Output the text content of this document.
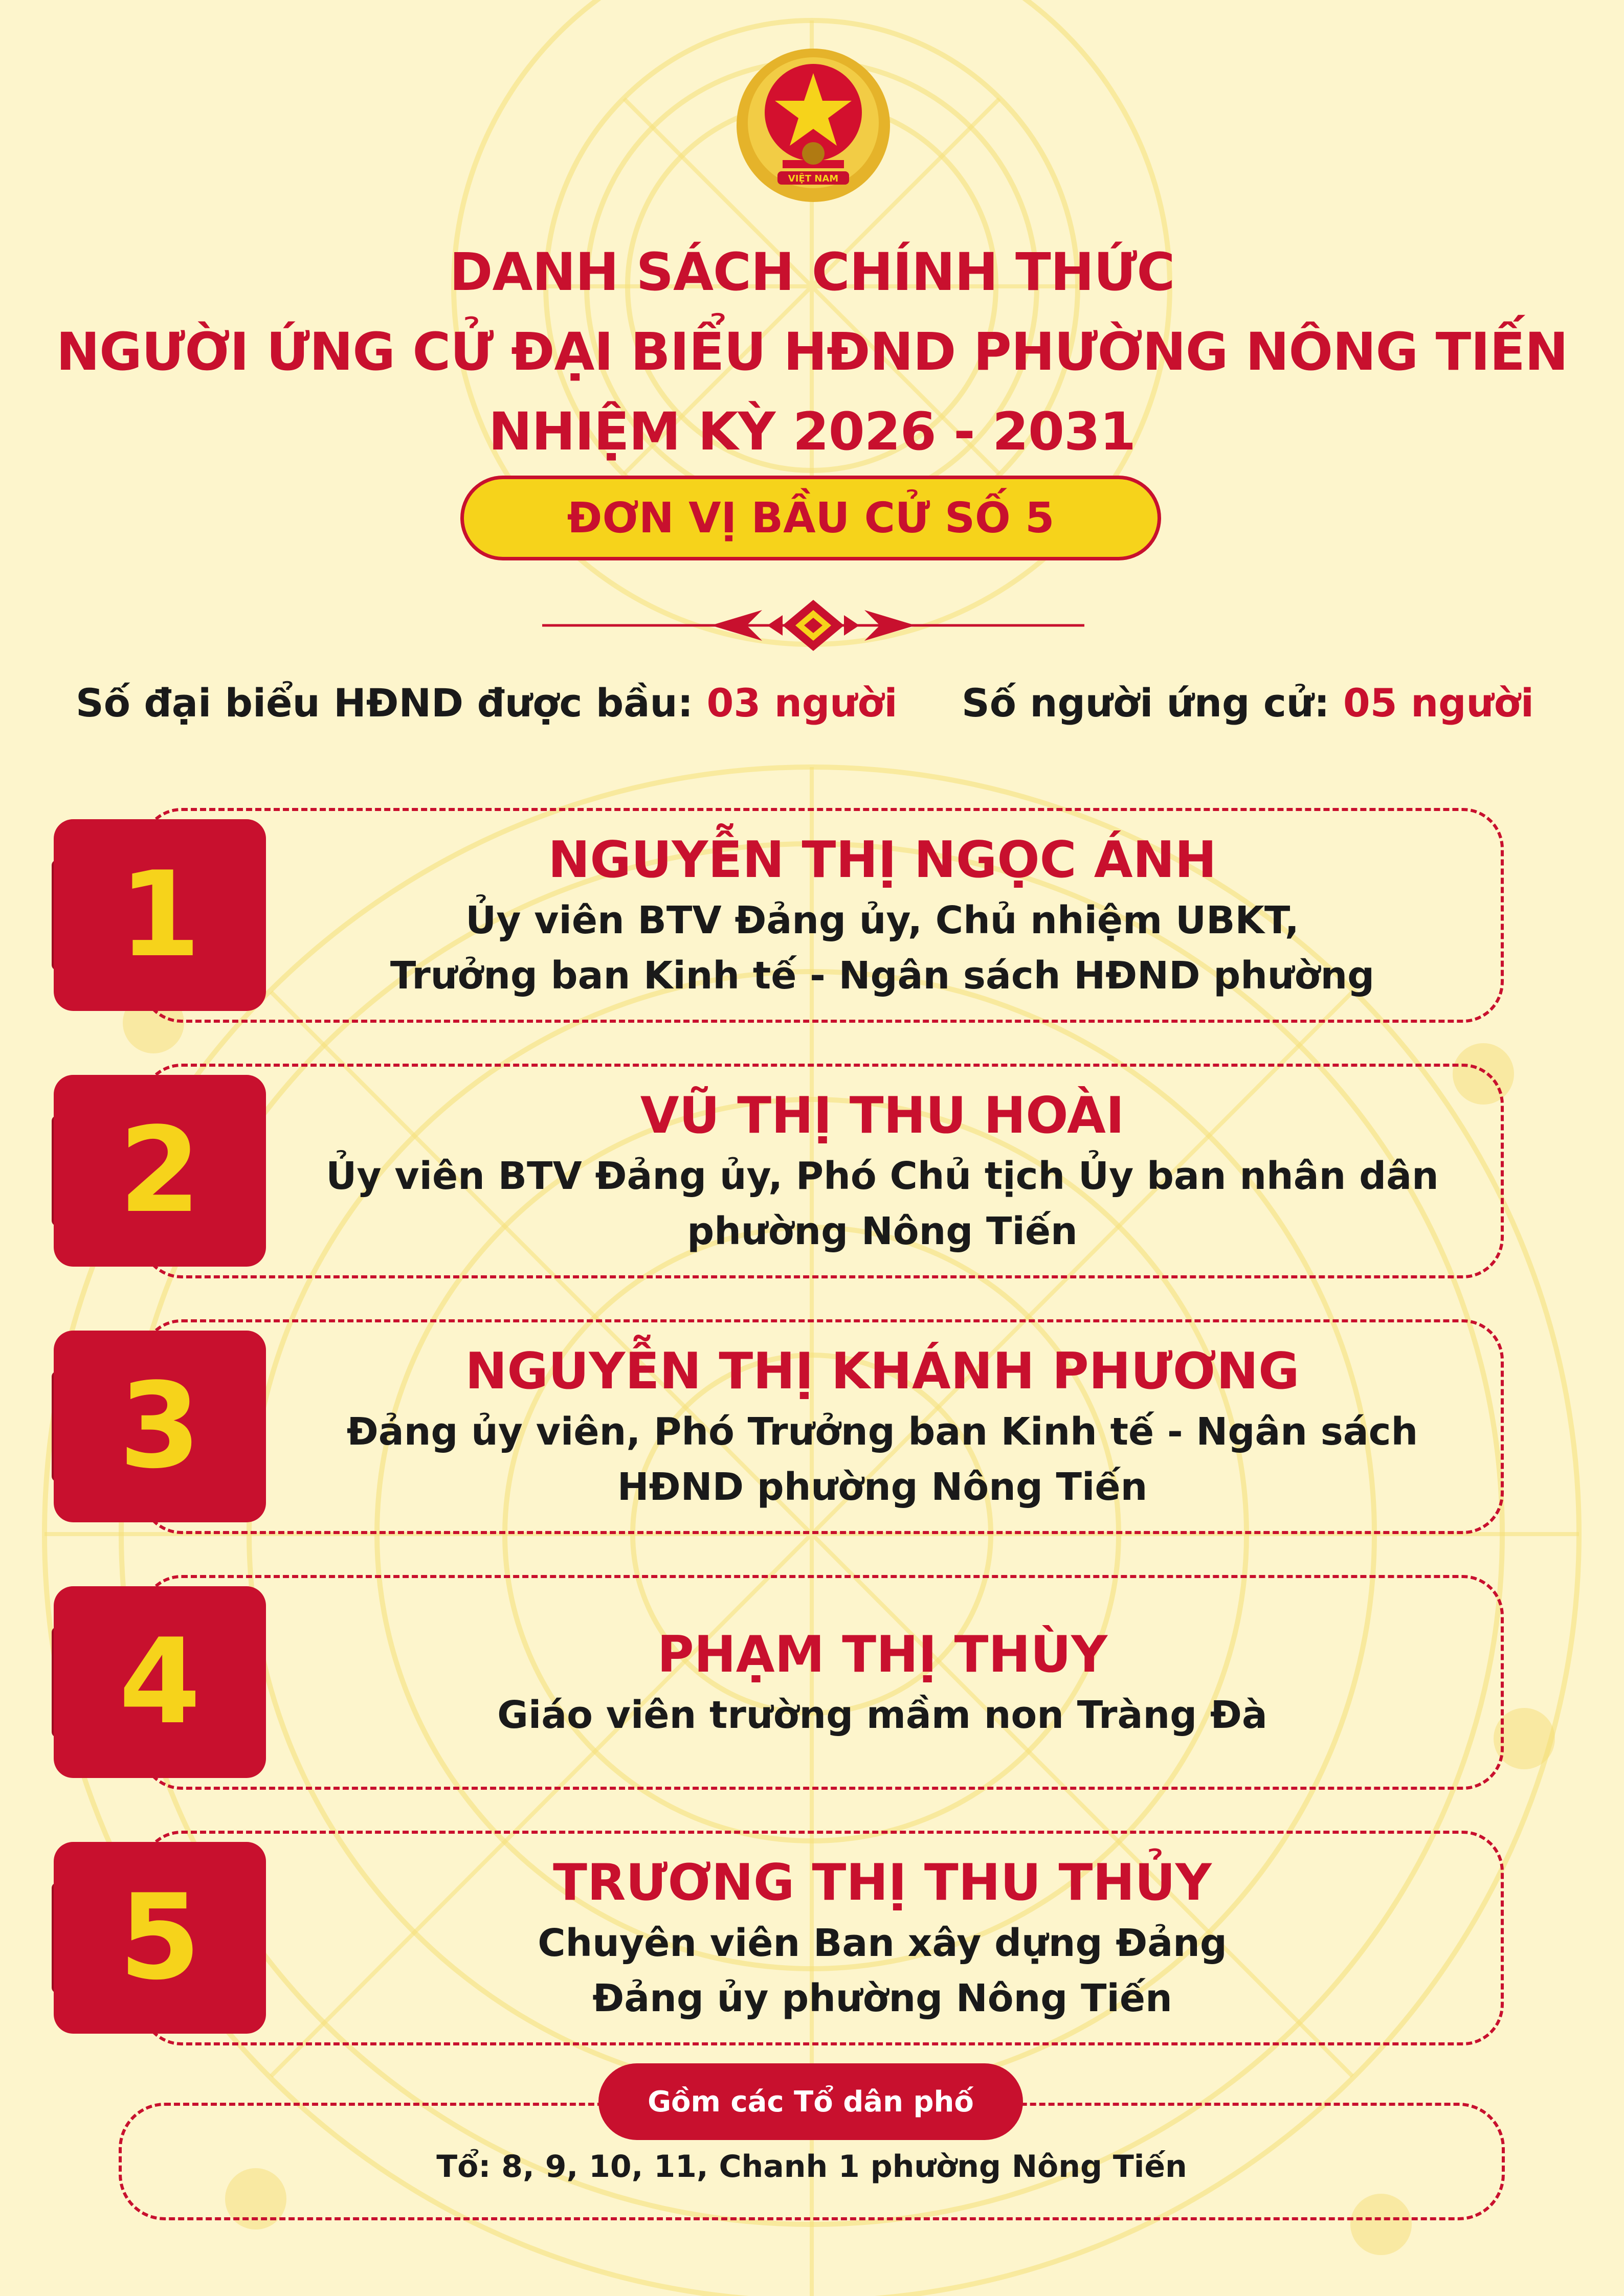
VIỆT NAM
DANH SÁCH CHÍNH THỨC
NGƯỜI ỨNG CỬ ĐẠI BIỂU HĐND PHƯỜNG NÔNG TIẾN
NHIỆM KỲ 2026 - 2031
ĐƠN VỊ BẦU CỬ SỐ 5
Số đại biểu HĐND được bầu: 03 người Số người ứng cử: 05 người
1	NGUYỄN THỊ NGỌC ÁNH
Ủy viên BTV Đảng ủy, Chủ nhiệm UBKT,
Trưởng ban Kinh tế - Ngân sách HĐND phường
2	VŨ THỊ THU HOÀI
Ủy viên BTV Đảng ủy, Phó Chủ tịch Ủy ban nhân dân
phường Nông Tiến
3	NGUYỄN THỊ KHÁNH PHƯƠNG
Đảng ủy viên, Phó Trưởng ban Kinh tế - Ngân sách
HĐND phường Nông Tiến
4	PHẠM THỊ THÙY
Giáo viên trường mầm non Tràng Đà
5	TRƯƠNG THỊ THU THỦY
Chuyên viên Ban xây dựng Đảng
Đảng ủy phường Nông Tiến
Gồm các Tổ dân phố
Tổ: 8, 9, 10, 11, Chanh 1 phường Nông Tiến
